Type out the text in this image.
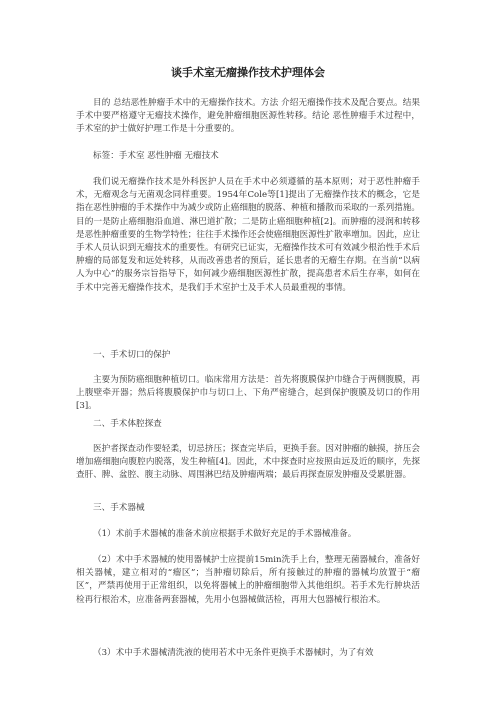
谈手术室无瘤操作技术护理体会

目的 总结恶性肿瘤手术中的无瘤操作技术。方法 介绍无瘤操作技术及配合要点。结果 手术中要严格遵守无瘤技术操作，避免肿瘤细胞医源性转移。结论 恶性肿瘤手术过程中，手术室的护士做好护理工作是十分重要的。

标签：手术室 恶性肿瘤 无瘤技术

我们说无瘤操作技术是外科医护人员在手术中必须遵循的基本原则；对于恶性肿瘤手术，无瘤观念与无菌观念同样重要。1954年Cole等[1]提出了无瘤操作技术的概念，它是指在恶性肿瘤的手术操作中为减少或防止癌细胞的脱落、种植和播散而采取的一系列措施。目的一是防止癌细胞沿血道、淋巴道扩散；二是防止癌细胞种植[2]。而肿瘤的浸润和转移是恶性肿瘤重要的生物学特性；往往手术操作还会使癌细胞医源性扩散率增加。因此，应让手术人员认识到无瘤技术的重要性。有研究已证实，无瘤操作技术可有效减少根治性手术后肿瘤的局部复发和远处转移，从而改善患者的预后，延长患者的无瘤生存期。在当前“以病人为中心”的服务宗旨指导下，如何减少癌细胞医源性扩散，提高患者术后生存率，如何在手术中完善无瘤操作技术，是我们手术室护士及手术人员最重视的事情。

一、手术切口的保护

主要为预防癌细胞种植切口。临床常用方法是：首先将腹膜保护巾缝合于两侧腹膜，再上腹壁牵开器；然后将腹膜保护巾与切口上、下角严密缝合，起到保护腹膜及切口的作用[3]。

二、手术体腔探查

医护者探查动作要轻柔，切忌挤压；探查完毕后，更换手套。因对肿瘤的触摸，挤压会增加癌细胞向腹腔内脱落，发生种植[4]。因此，术中探查时应按照由远及近的顺序，先探查肝、脾、盆腔、腹主动脉、周围淋巴结及肿瘤两端；最后再探查原发肿瘤及受累脏器。

三、手术器械

（1）术前手术器械的准备术前应根据手术做好充足的手术器械准备。

（2）术中手术器械的使用器械护士应提前15min洗手上台，整理无菌器械台，准备好相关器械，建立相对的“瘤区”；当肿瘤切除后，所有接触过的肿瘤的器械均放置于“瘤区”，严禁再使用于正常组织，以免将器械上的肿瘤细胞带入其他组织。若手术先行肿块活检再行根治术，应准备两套器械，先用小包器械做活检，再用大包器械行根治术。

（3）术中手术器械清洗液的使用若术中无条件更换手术器械时，为了有效
